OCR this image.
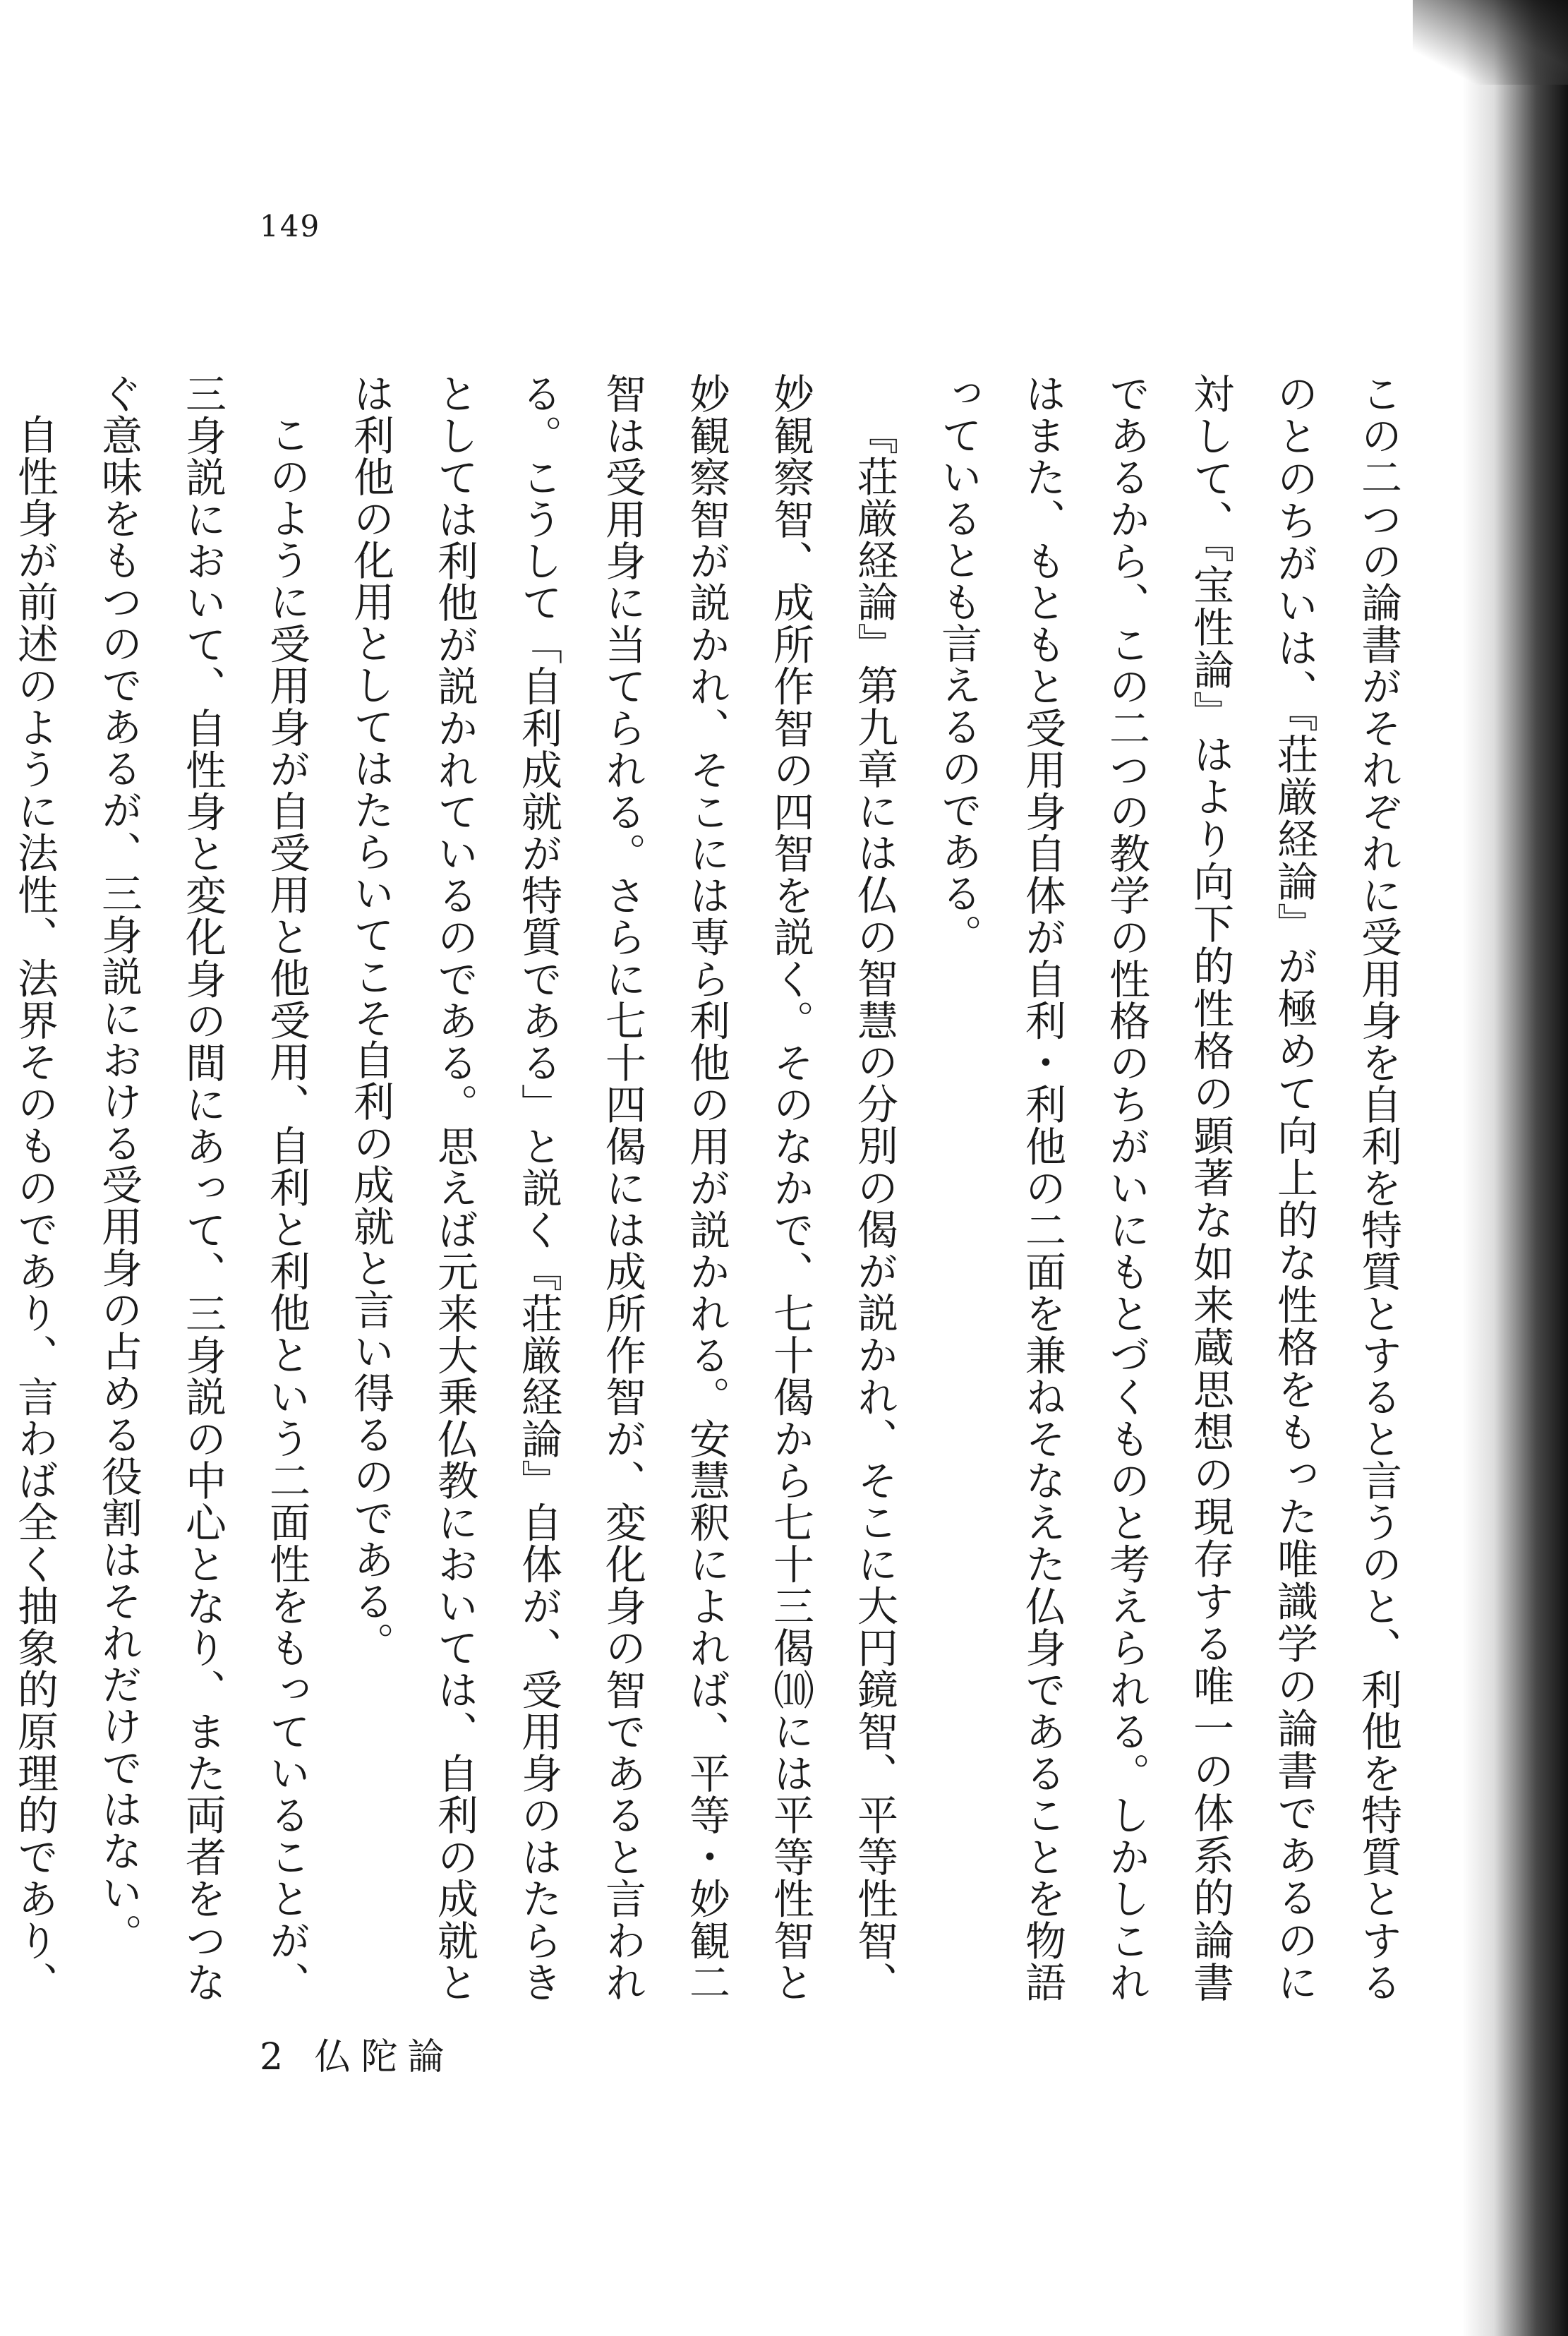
149

この二つの論書がそれぞれに受用身を自利を特質とすると言うのと、利他を特質とするのとのちがいは、『荘厳経論』が極めて向上的な性格をもった唯識学の論書であるのに対して、『宝性論』はより向下的性格の顕著な如来蔵思想の現存する唯一の体系的論書であるから、この二つの教学の性格のちがいにもとづくものと考えられる。しかしこれはまた、もともと受用身自体が自利・利他の二面を兼ねそなえた仏身であることを物語っているとも言えるのである。

『荘厳経論』第九章には仏の智慧の分別の偈が説かれ、そこに大円鏡智、平等性智、妙観察智、成所作智の四智を説く。そのなかで、七十偈から七十三偈⑽には平等性智と妙観察智が説かれ、そこには専ら利他の用が説かれる。安慧釈によれば、平等・妙観二智は受用身に当てられる。さらに七十四偈には成所作智が、変化身の智であると言われる。こうして「自利成就が特質である」と説く『荘厳経論』自体が、受用身のはたらきとしては利他が説かれているのである。思えば元来大乗仏教においては、自利の成就とは利他の化用としてはたらいてこそ自利の成就と言い得るのである。

このように受用身が自受用と他受用、自利と利他という二面性をもっていることが、三身説において、自性身と変化身の間にあって、三身説の中心となり、また両者をつなぐ意味をもつのであるが、三身説における受用身の占める役割はそれだけではない。

自性身が前述のように法性、法界そのものであり、言わば全く抽象的原理的であり、

2 仏陀論
